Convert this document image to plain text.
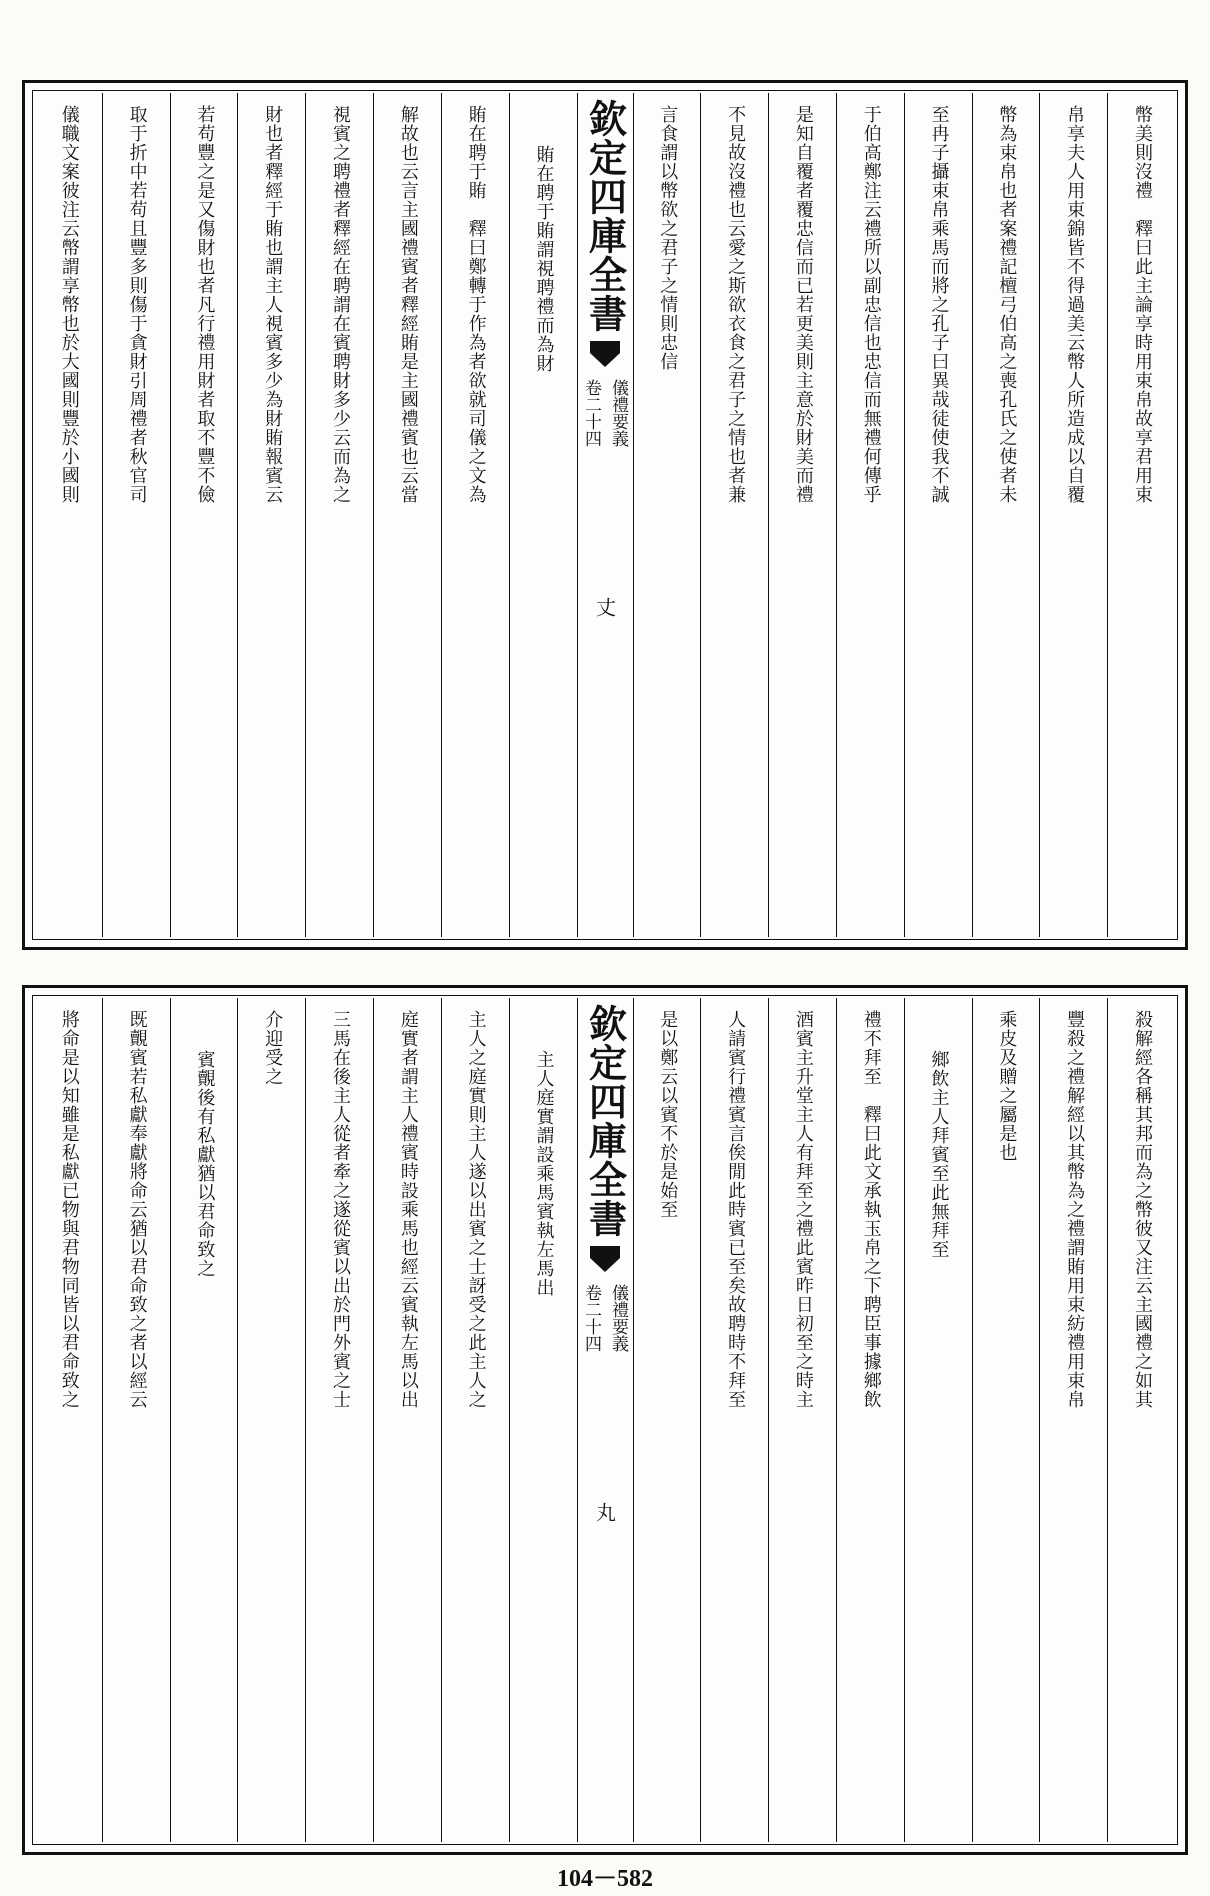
幣美則沒禮　釋曰此主論享時用束帛故享君用束
帛享夫人用束錦皆不得過美云幣人所造成以自覆
幣為束帛也者案禮記檀弓伯高之喪孔氏之使者未
至冉子攝束帛乘馬而將之孔子曰異哉徒使我不誠
于伯高鄭注云禮所以副忠信也忠信而無禮何傳乎
是知自覆者覆忠信而已若更美則主意於財美而禮
不見故沒禮也云愛之斯欲衣食之君子之情也者兼
言食謂以幣欲之君子之情則忠信
欽定四庫全書
儀禮要義
卷二十四
丈
賄在聘于賄謂視聘禮而為財
賄在聘于賄　釋曰鄭轉于作為者欲就司儀之文為
解故也云言主國禮賓者釋經賄是主國禮賓也云當
視賓之聘禮者釋經在聘謂在賓聘財多少云而為之
財也者釋經于賄也謂主人視賓多少為財賄報賓云
若苟豐之是又傷財也者凡行禮用財者取不豐不儉
取于折中若苟且豐多則傷于貪財引周禮者秋官司
儀職文案彼注云幣謂享幣也於大國則豐於小國則
殺解經各稱其邦而為之幣彼又注云主國禮之如其
豐殺之禮解經以其幣為之禮謂賄用束紡禮用束帛
乘皮及贈之屬是也
鄉飲主人拜賓至此無拜至
禮不拜至　釋曰此文承執玉帛之下聘臣事據鄉飲
酒賓主升堂主人有拜至之禮此賓昨日初至之時主
人請賓行禮賓言俟閒此時賓已至矣故聘時不拜至
是以鄭云以賓不於是始至
欽定四庫全書
儀禮要義
卷二十四
丸
主人庭實謂設乘馬賓執左馬出
主人之庭實則主人遂以出賓之士訝受之此主人之
庭實者謂主人禮賓時設乘馬也經云賓執左馬以出
三馬在後主人從者牽之遂從賓以出於門外賓之士
介迎受之
賓覿後有私獻猶以君命致之
既覿賓若私獻奉獻將命云猶以君命致之者以經云
將命是以知雖是私獻已物與君物同皆以君命致之
104－582
